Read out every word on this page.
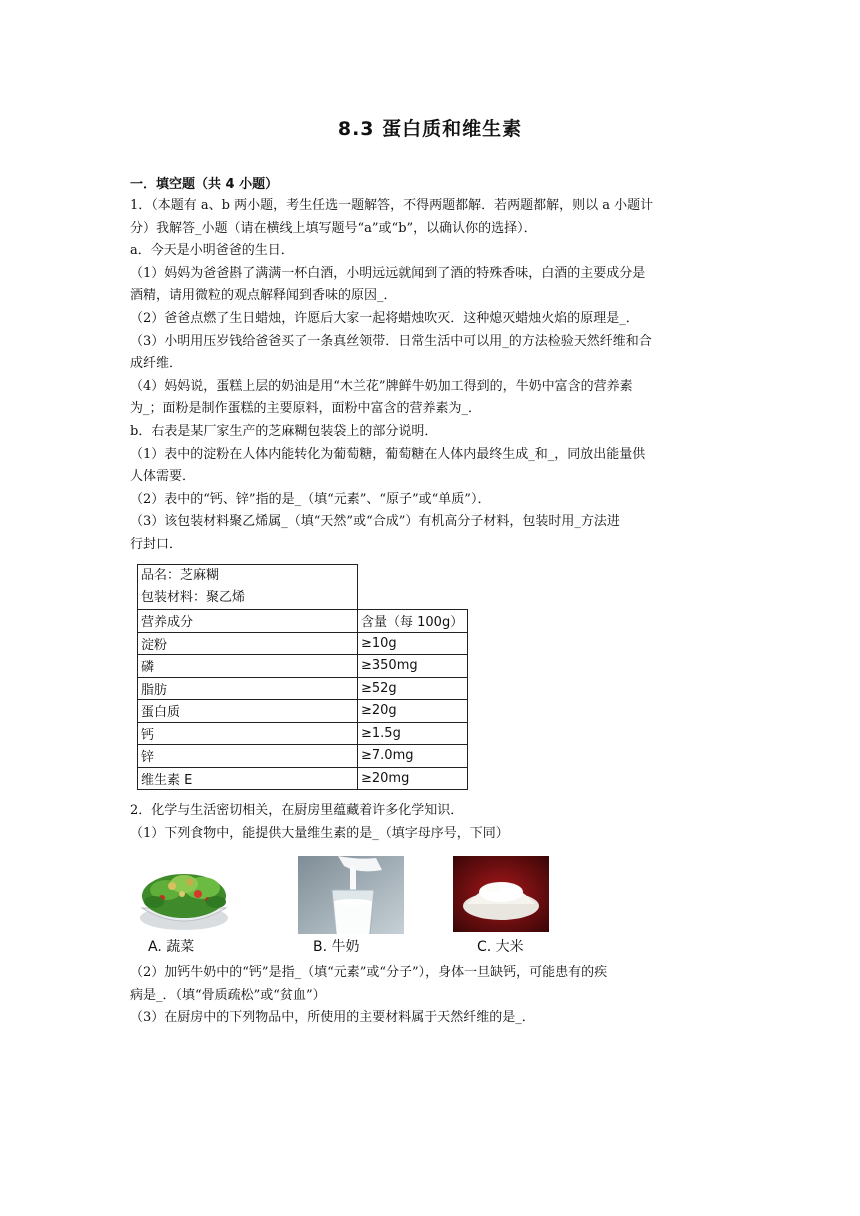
8.3 蛋白质和维生素
一．填空题（共 4 小题）

1．（本题有 a、b 两小题，考生任选一题解答，不得两题都解．若两题都解，则以 a 小题计

分）我解答_小题（请在横线上填写题号“a”或“b”，以确认你的选择）．

a．今天是小明爸爸的生日．

（1）妈妈为爸爸斟了满满一杯白酒，小明远远就闻到了酒的特殊香味，白酒的主要成分是

酒精，请用微粒的观点解释闻到香味的原因_．

（2）爸爸点燃了生日蜡烛，许愿后大家一起将蜡烛吹灭．这种熄灭蜡烛火焰的原理是_．

（3）小明用压岁钱给爸爸买了一条真丝领带．日常生活中可以用_的方法检验天然纤维和合

成纤维．

（4）妈妈说，蛋糕上层的奶油是用“木兰花”牌鲜牛奶加工得到的，牛奶中富含的营养素

为_；面粉是制作蛋糕的主要原料，面粉中富含的营养素为_．

b．右表是某厂家生产的芝麻糊包装袋上的部分说明．

（1）表中的淀粉在人体内能转化为葡萄糖，葡萄糖在人体内最终生成_和_，同放出能量供

人体需要．

（2）表中的“钙、锌”指的是_（填“元素”、“原子”或“单质”）．

（3）该包装材料聚乙烯属_（填“天然”或“合成”）有机高分子材料，包装时用_方法进

行封口．

品名：芝麻糊
包装材料：聚乙烯	

营养成分	含量（每 100g）
淀粉	≥10g
磷	≥350mg
脂肪	≥52g
蛋白质	≥20g
钙	≥1.5g
锌	≥7.0mg
维生素 E	≥20mg

2．化学与生活密切相关，在厨房里蕴藏着许多化学知识．

（1）下列食物中，能提供大量维生素的是_（填字母序号，下同）

A. 蔬菜	B. 牛奶	C. 大米

（2）加钙牛奶中的“钙”是指_（填“元素”或“分子”），身体一旦缺钙，可能患有的疾

病是_．（填“骨质疏松”或“贫血”）

（3）在厨房中的下列物品中，所使用的主要材料属于天然纤维的是_．
